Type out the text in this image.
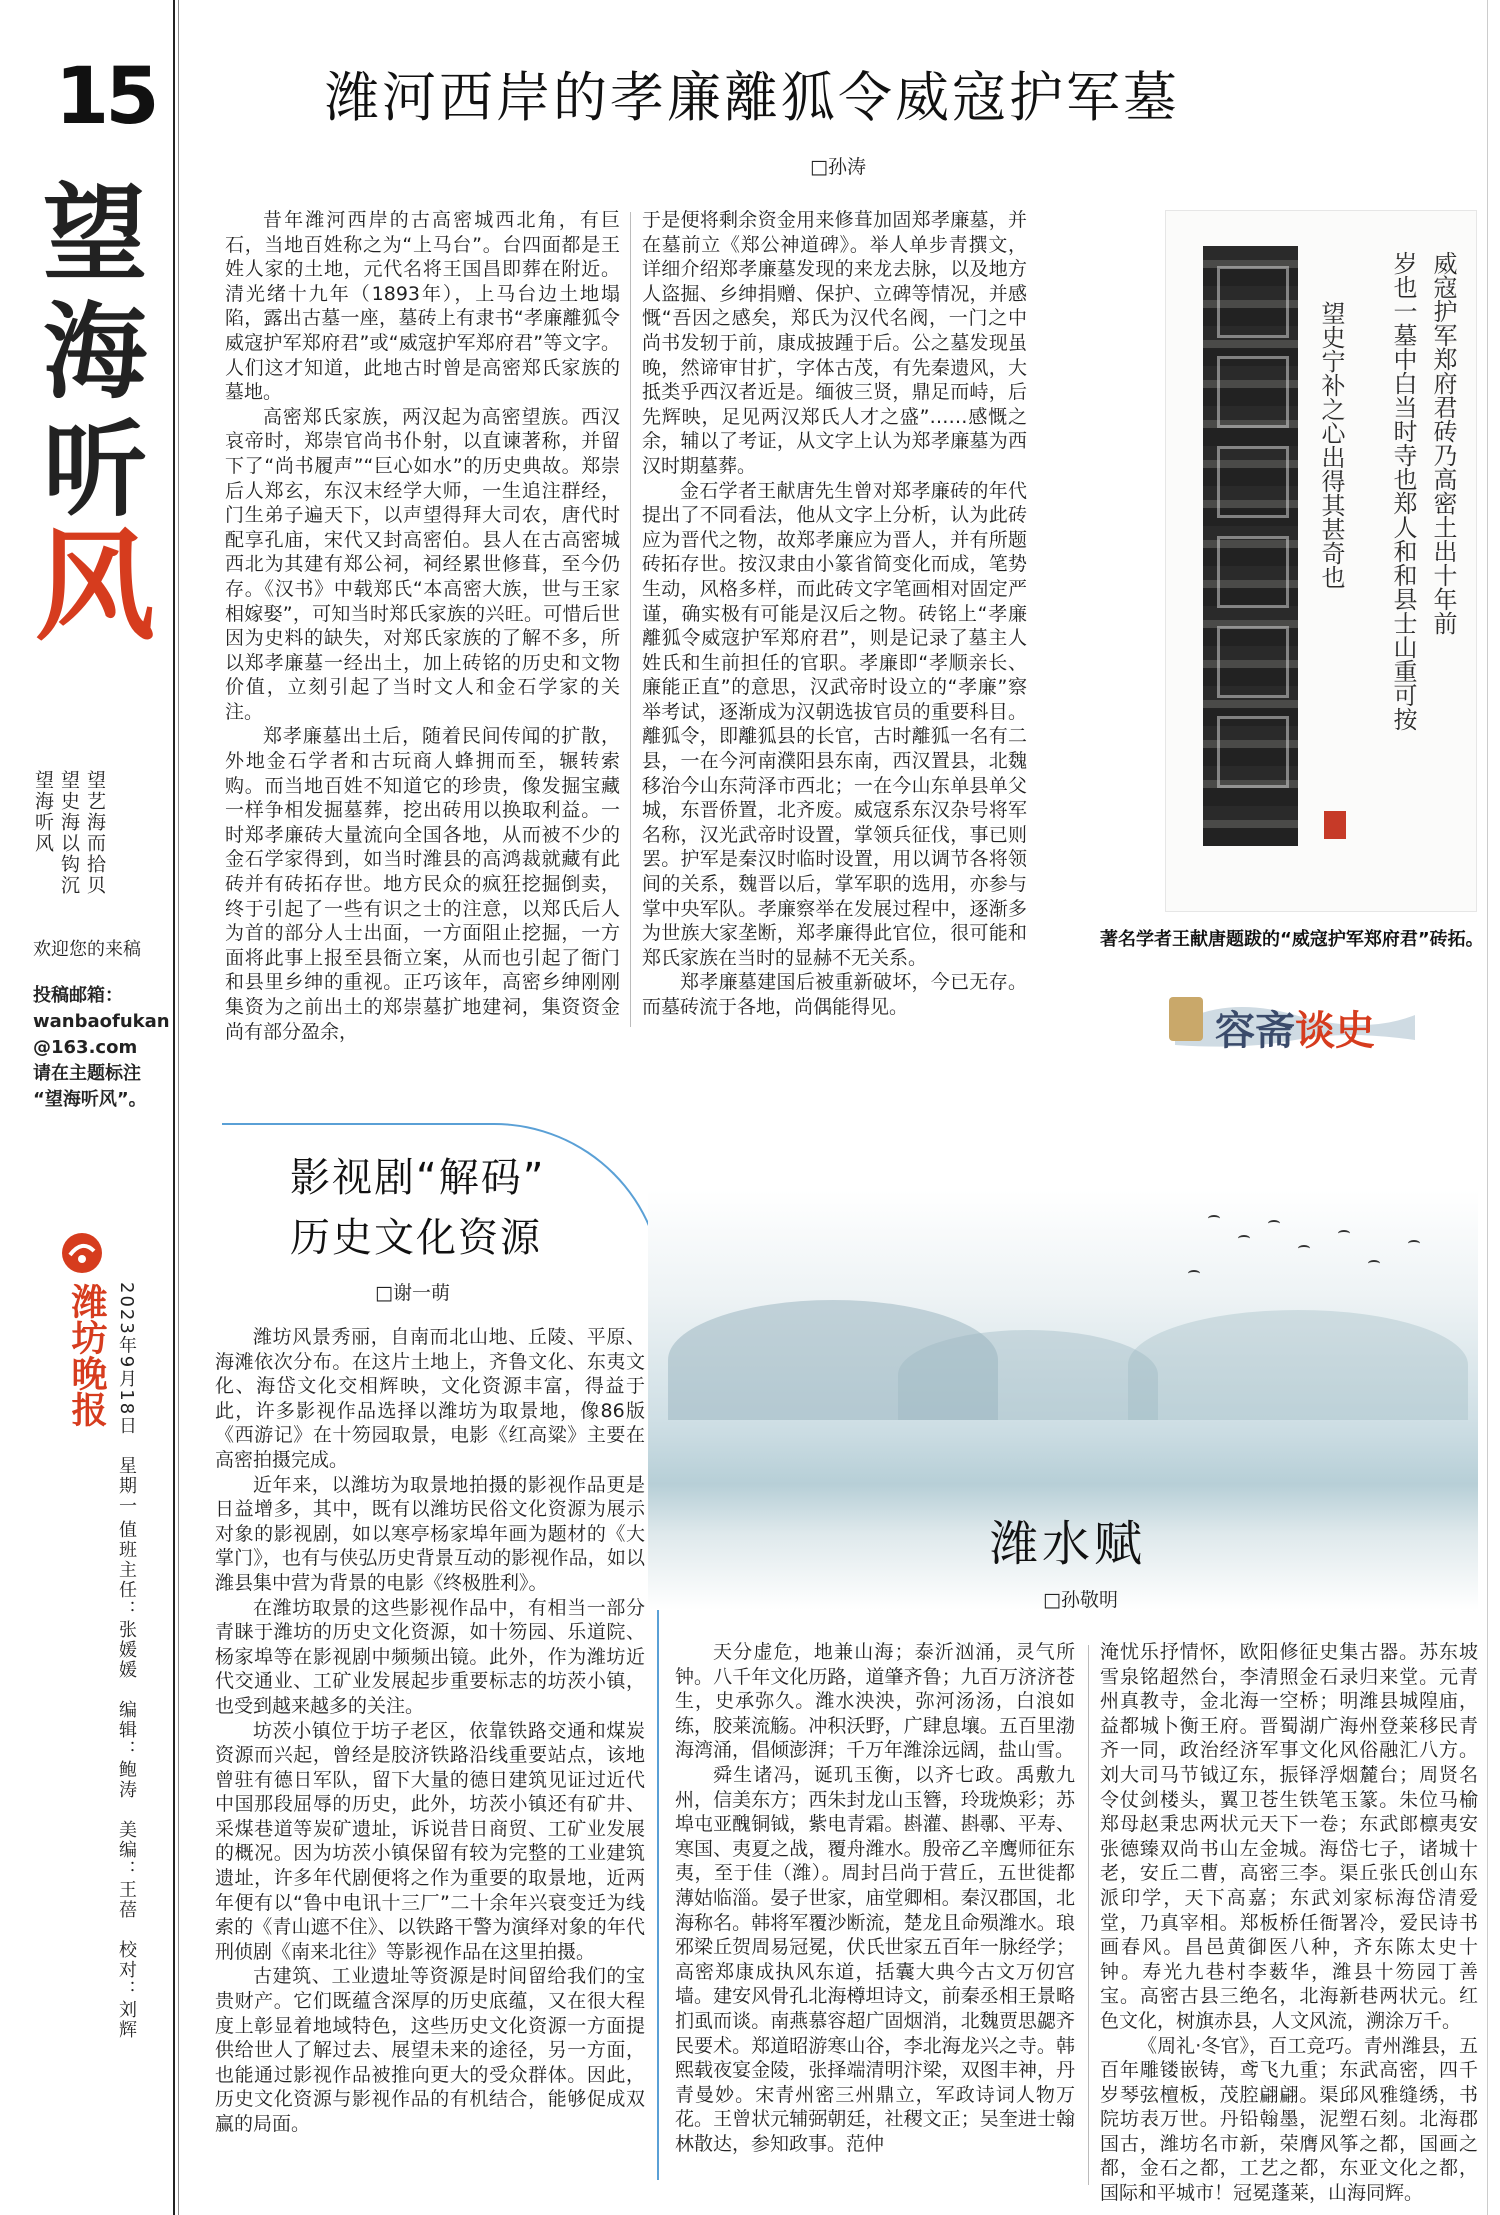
15
望
海
听
风
望艺海而拾贝 望史海以钩沉 望海听风
欢迎您的来稿
投稿邮箱：
wanbaofukan
@163.com
请在主题标注
“望海听风”。
潍坊晚报 2023年9月18日　星期一
值班主任：张媛媛　编辑：鲍涛　美编：王蓓　校对：刘辉
潍河西岸的孝廉離狐令威寇护军墓
□孙涛

昔年潍河西岸的古高密城西北角，有巨石，当地百姓称之为“上马台”。台四面都是王姓人家的土地，元代名将王国昌即葬在附近。清光绪十九年（1893年），上马台边土地塌陷，露出古墓一座，墓砖上有隶书“孝廉離狐令威寇护军郑府君”或“威寇护军郑府君”等文字。人们这才知道，此地古时曾是高密郑氏家族的墓地。

高密郑氏家族，两汉起为高密望族。西汉哀帝时，郑崇官尚书仆射，以直谏著称，并留下了“尚书履声”“巨心如水”的历史典故。郑崇后人郑玄，东汉末经学大师，一生追注群经，门生弟子遍天下，以声望得拜大司农，唐代时配享孔庙，宋代又封高密伯。县人在古高密城西北为其建有郑公祠，祠经累世修葺，至今仍存。《汉书》中载郑氏“本高密大族，世与王家相嫁娶”，可知当时郑氏家族的兴旺。可惜后世因为史料的缺失，对郑氏家族的了解不多，所以郑孝廉墓一经出土，加上砖铭的历史和文物价值，立刻引起了当时文人和金石学家的关注。

郑孝廉墓出土后，随着民间传闻的扩散，外地金石学者和古玩商人蜂拥而至，辗转索购。而当地百姓不知道它的珍贵，像发掘宝藏一样争相发掘墓葬，挖出砖用以换取利益。一时郑孝廉砖大量流向全国各地，从而被不少的金石学家得到，如当时潍县的高鸿裁就藏有此砖并有砖拓存世。地方民众的疯狂挖掘倒卖，终于引起了一些有识之士的注意，以郑氏后人为首的部分人士出面，一方面阻止挖掘，一方面将此事上报至县衙立案，从而也引起了衙门和县里乡绅的重视。正巧该年，高密乡绅刚刚集资为之前出土的郑崇墓扩地建祠，集资资金尚有部分盈余，

于是便将剩余资金用来修葺加固郑孝廉墓，并在墓前立《郑公神道碑》。举人单步青撰文，详细介绍郑孝廉墓发现的来龙去脉，以及地方人盗掘、乡绅捐赠、保护、立碑等情况，并感慨“吾因之感矣，郑氏为汉代名阀，一门之中尚书发轫于前，康成披踵于后。公之墓发现虽晚，然谛审甘扩，字体古茂，有先秦遗风，大抵类乎西汉者近是。缅彼三贤，鼎足而峙，后先辉映，足见两汉郑氏人才之盛”……感慨之余，辅以了考证，从文字上认为郑孝廉墓为西汉时期墓葬。

金石学者王献唐先生曾对郑孝廉砖的年代提出了不同看法，他从文字上分析，认为此砖应为晋代之物，故郑孝廉应为晋人，并有所题砖拓存世。按汉隶由小篆省简变化而成，笔势生动，风格多样，而此砖文字笔画相对固定严谨，确实极有可能是汉后之物。砖铭上“孝廉離狐令威寇护军郑府君”，则是记录了墓主人姓氏和生前担任的官职。孝廉即“孝顺亲长、廉能正直”的意思，汉武帝时设立的“孝廉”察举考试，逐渐成为汉朝选拔官员的重要科目。離狐令，即離狐县的长官，古时離狐一名有二县，一在今河南濮阳县东南，西汉置县，北魏移治今山东菏泽市西北；一在今山东单县单父城，东晋侨置，北齐废。威寇系东汉杂号将军名称，汉光武帝时设置，掌领兵征伐，事已则罢。护军是秦汉时临时设置，用以调节各将领间的关系，魏晋以后，掌军职的选用，亦参与掌中央军队。孝廉察举在发展过程中，逐渐多为世族大家垄断，郑孝廉得此官位，很可能和郑氏家族在当时的显赫不无关系。

郑孝廉墓建国后被重新破坏，今已无存。而墓砖流于各地，尚偶能得见。

威寇护军郑府君砖乃高密土出十年前
岁也一墓中白当时寺也郑人和和县士山重可按
望史宁补之心出得其甚奇也
著名学者王献唐题跋的“威寇护军郑府君”砖拓。
容斋谈史
影视剧“解码”
历史文化资源
□谢一萌

潍坊风景秀丽，自南而北山地、丘陵、平原、海滩依次分布。在这片土地上，齐鲁文化、东夷文化、海岱文化交相辉映，文化资源丰富，得益于此，许多影视作品选择以潍坊为取景地，像86版《西游记》在十笏园取景，电影《红高粱》主要在高密拍摄完成。

近年来，以潍坊为取景地拍摄的影视作品更是日益增多，其中，既有以潍坊民俗文化资源为展示对象的影视剧，如以寒亭杨家埠年画为题材的《大掌门》，也有与侠弘历史背景互动的影视作品，如以潍县集中营为背景的电影《终极胜利》。

在潍坊取景的这些影视作品中，有相当一部分青睐于潍坊的历史文化资源，如十笏园、乐道院、杨家埠等在影视剧中频频出镜。此外，作为潍坊近代交通业、工矿业发展起步重要标志的坊茨小镇，也受到越来越多的关注。

坊茨小镇位于坊子老区，依靠铁路交通和煤炭资源而兴起，曾经是胶济铁路沿线重要站点，该地曾驻有德日军队，留下大量的德日建筑见证过近代中国那段屈辱的历史，此外，坊茨小镇还有矿井、采煤巷道等炭矿遗址，诉说昔日商贸、工矿业发展的概况。因为坊茨小镇保留有较为完整的工业建筑遗址，许多年代剧便将之作为重要的取景地，近两年便有以“鲁中电讯十三厂”二十余年兴衰变迁为线索的《青山遮不住》、以铁路干警为演绎对象的年代刑侦剧《南来北往》等影视作品在这里拍摄。

古建筑、工业遗址等资源是时间留给我们的宝贵财产。它们既蕴含深厚的历史底蕴，又在很大程度上彰显着地域特色，这些历史文化资源一方面提供给世人了解过去、展望未来的途径，另一方面，也能通过影视作品被推向更大的受众群体。因此，历史文化资源与影视作品的有机结合，能够促成双赢的局面。

潍水赋
□孙敬明

天分虚危，地兼山海；泰沂汹涌，灵气所钟。八千年文化历路，道肇齐鲁；九百万济济苍生，史承弥久。潍水泱泱，弥河汤汤，白浪如练，胶莱流觞。冲积沃野，广肆息壤。五百里渤海湾涌，倡倾澎湃；千万年潍涂远阔，盐山雪。

舜生诸冯，诞玑玉衡，以齐七政。禹敷九州，信美东方；西朱封龙山玉簪，玲珑焕彩；苏埠屯亚醜铜钺，紫电青霜。斟灌、斟鄩、平寿、寒国、夷夏之战，覆舟潍水。殷帝乙辛鹰师征东夷，至于佳（潍）。周封吕尚于营丘，五世徙都薄姑临淄。晏子世家，庙堂卿相。秦汉郡国，北海称名。韩将军覆沙断流，楚龙且命殒潍水。琅邪梁丘贺周易冠冕，伏氏世家五百年一脉经学；高密郑康成执风东道，括囊大典今古文万仞宫墙。建安风骨孔北海樽坦诗文，前秦丞相王景略扪虱而谈。南燕慕容超广固烟消，北魏贾思勰齐民要术。郑道昭游寒山谷，李北海龙兴之寺。韩熙载夜宴金陵，张择端清明汴梁，双图丰神，丹青曼妙。宋青州密三州鼎立，军政诗词人物万花。王曾状元辅弼朝廷，社稷文正；吴奎进士翰林散达，参知政事。范仲

淹忧乐抒情怀，欧阳修征史集古器。苏东坡雪泉铭超然台，李清照金石录归来堂。元青州真教寺，金北海一空桥；明潍县城隍庙，益都城卜衡王府。晋蜀湖广海州登莱移民青齐一同，政治经济军事文化风俗融汇八方。刘大司马节钺辽东，振铎浮烟麓台；周贤名令仗剑楼头，翼卫苍生铁笔玉篆。朱位马榆郑母赵秉忠两状元天下一卷；东武郎檩夷安张德臻双尚书山左金城。海岱七子，诸城十老，安丘二曹，高密三李。渠丘张氏创山东派印学，天下高嘉；东武刘家标海岱清爱堂，乃真宰相。郑板桥任衙署冷，爱民诗书画春风。昌邑黄御医八种，齐东陈太史十钟。寿光九巷村李薮华，潍县十笏园丁善宝。高密古县三绝名，北海新巷两状元。红色文化，树旗赤县，人文风流，溯涂万千。

《周礼·冬官》，百工竞巧。青州潍县，五百年雕镂嵌铸，鸢飞九重；东武高密，四千岁琴弦檀板，茂腔翩翩。渠邱风雅缝绣，书院坊表万世。丹铅翰墨，泥塑石刻。北海郡国古，潍坊名市新，荣膺风筝之都，国画之都，金石之都，工艺之都，东亚文化之都，国际和平城市！冠冕蓬莱，山海同辉。
